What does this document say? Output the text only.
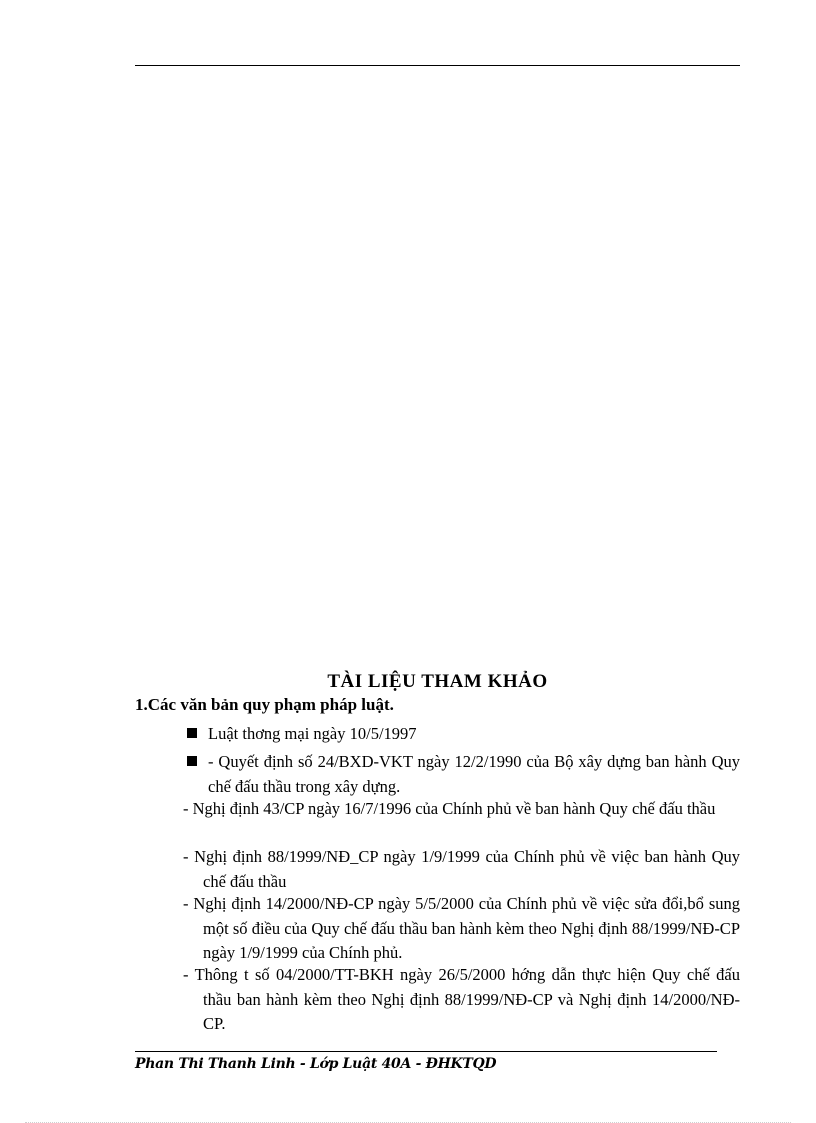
TÀI LIỆU THAM KHẢO
1.Các văn bản quy phạm pháp luật.
Luật thơng mại ngày 10/5/1997
- Quyết định số 24/BXD-VKT ngày 12/2/1990 của Bộ xây dựng ban hành Quy chế đấu thầu trong xây dựng.
- Nghị định 43/CP ngày 16/7/1996 của Chính phủ về ban hành Quy chế đấu thầu
- Nghị định 88/1999/NĐ_CP ngày 1/9/1999 của Chính phủ về việc ban hành Quy chế đấu thầu
- Nghị định 14/2000/NĐ-CP ngày 5/5/2000 của Chính phủ về việc sửa đổi,bổ sung một số điều của Quy chế đấu thầu ban hành kèm theo Nghị định 88/1999/NĐ-CP ngày 1/9/1999 của Chính phủ.
- Thông t số 04/2000/TT-BKH ngày 26/5/2000 hớng dẫn thực hiện Quy chế đấu thầu ban hành kèm theo Nghị định 88/1999/NĐ-CP và Nghị định 14/2000/NĐ-CP.
Phan Thi Thanh Linh - Lớp Luật 40A - ĐHKTQD
